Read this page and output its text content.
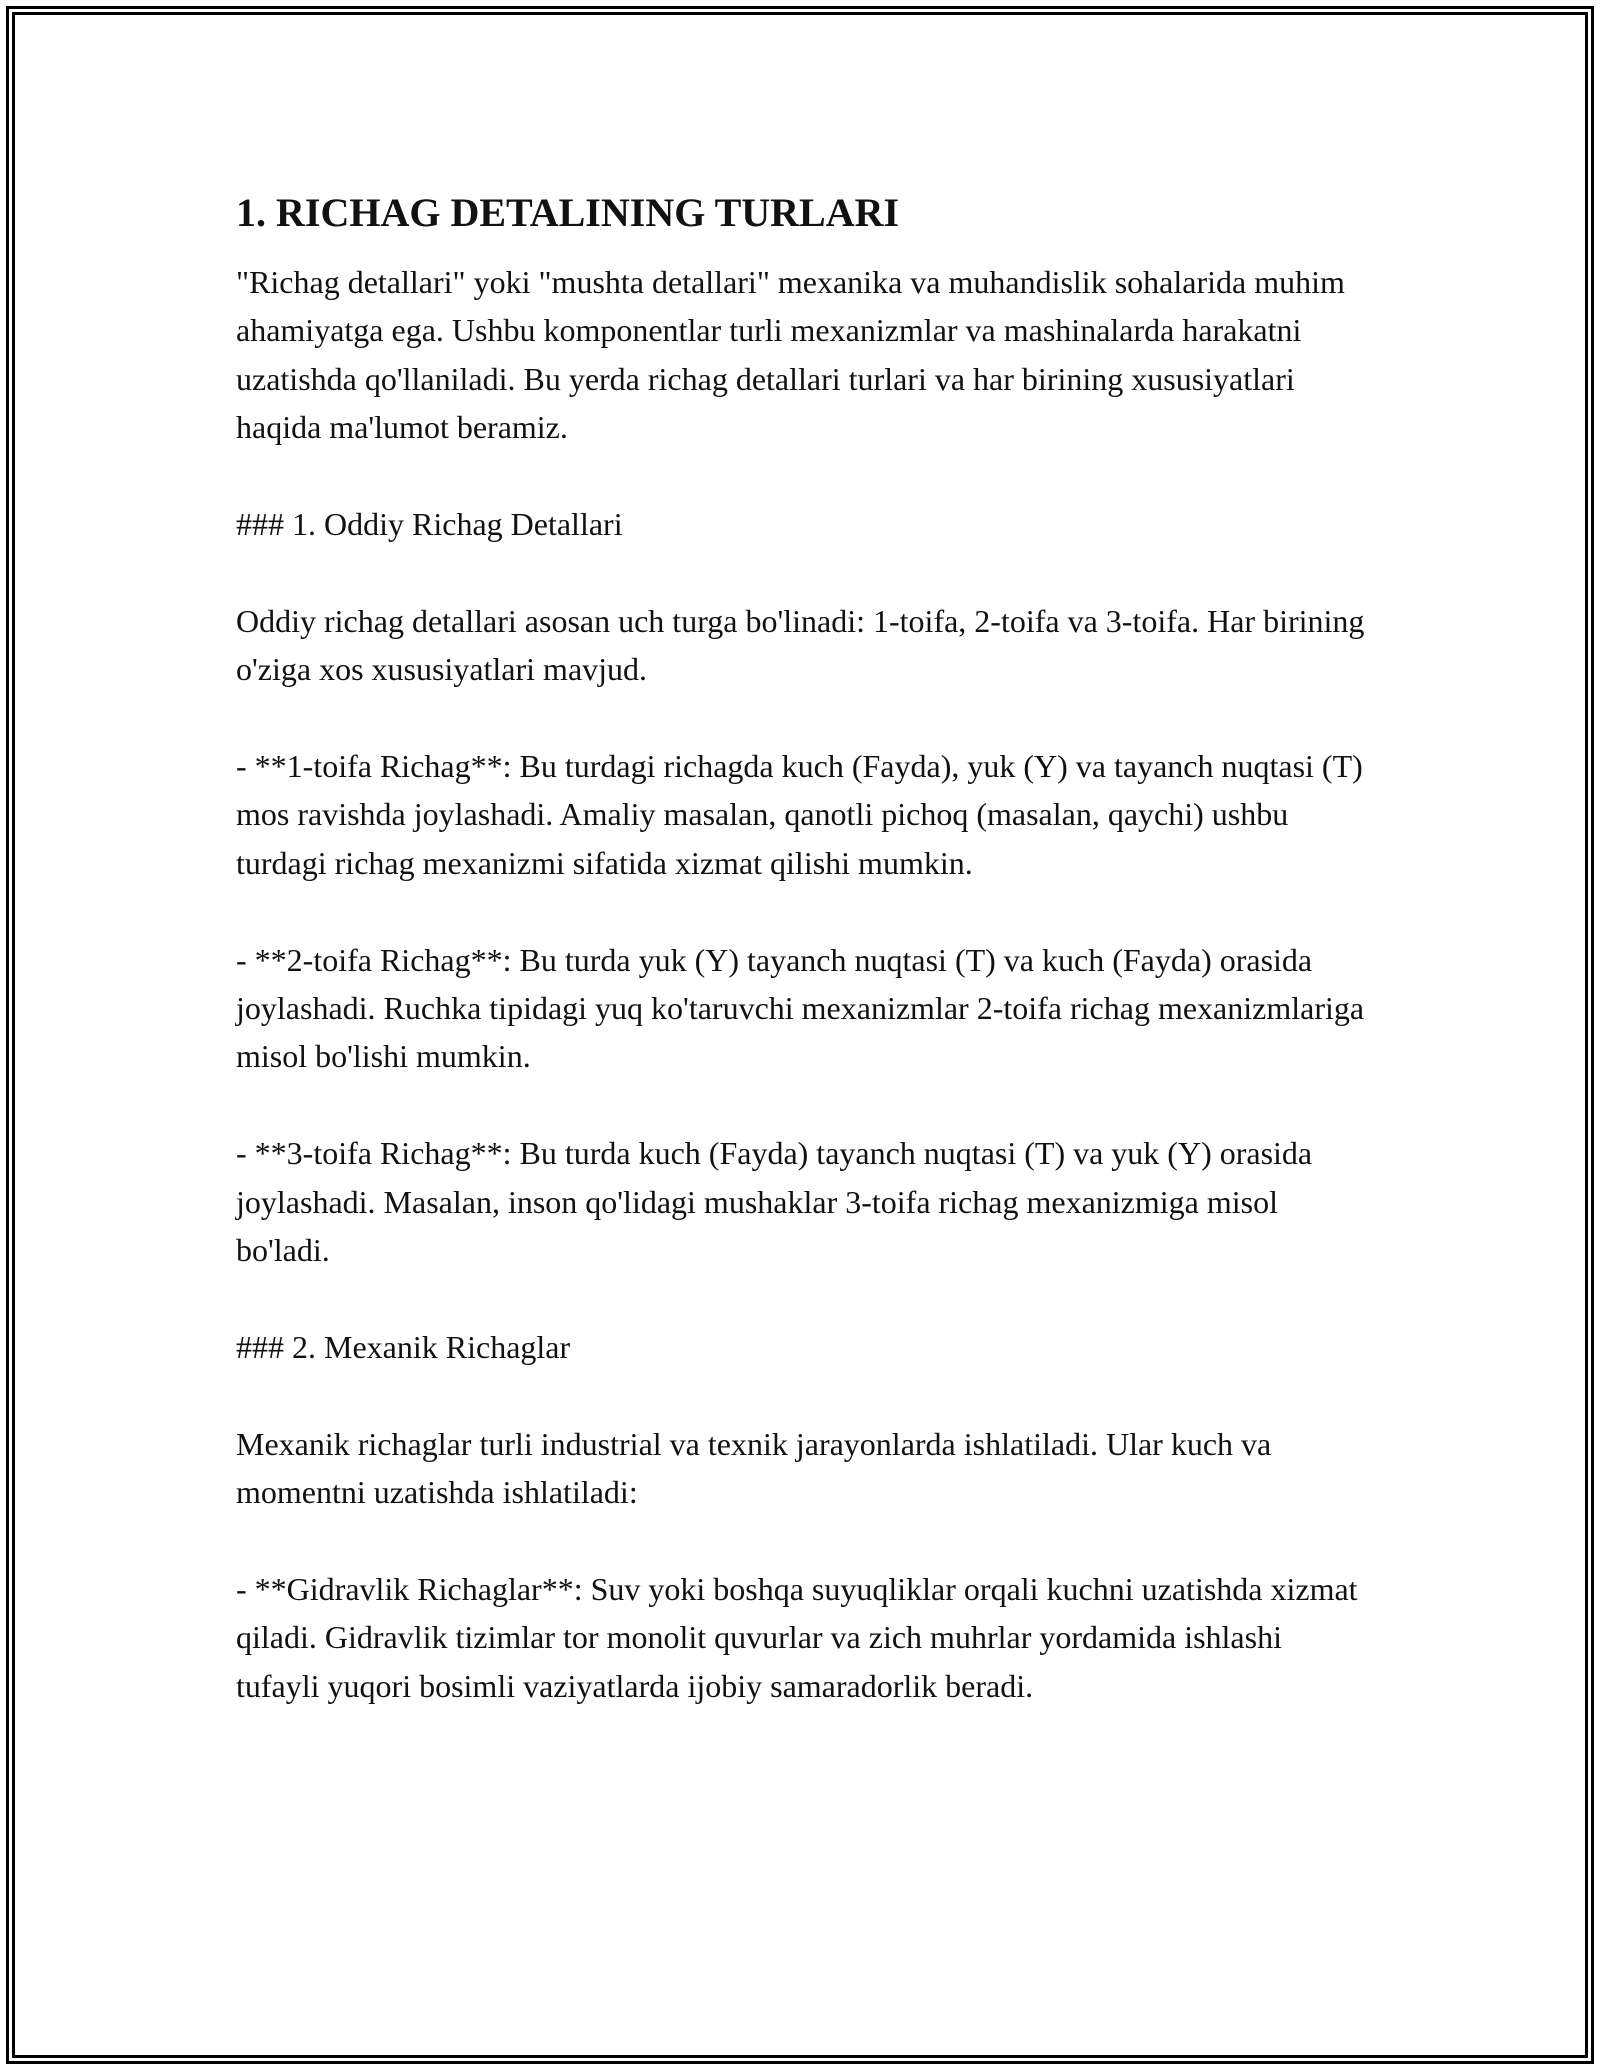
1. RICHAG DETALINING TURLARI

"Richag detallari" yoki "mushta detallari" mexanika va muhandislik sohalarida muhim ahamiyatga ega. Ushbu komponentlar turli mexanizmlar va mashinalarda harakatni uzatishda qo'llaniladi. Bu yerda richag detallari turlari va har birining xususiyatlari haqida ma'lumot beramiz.

### 1. Oddiy Richag Detallari

Oddiy richag detallari asosan uch turga bo'linadi: 1-toifa, 2-toifa va 3-toifa. Har birining o'ziga xos xususiyatlari mavjud.

- **1-toifa Richag**: Bu turdagi richagda kuch (Fayda), yuk (Y) va tayanch nuqtasi (T) mos ravishda joylashadi. Amaliy masalan, qanotli pichoq (masalan, qaychi) ushbu turdagi richag mexanizmi sifatida xizmat qilishi mumkin.

- **2-toifa Richag**: Bu turda yuk (Y) tayanch nuqtasi (T) va kuch (Fayda) orasida joylashadi. Ruchka tipidagi yuq ko'taruvchi mexanizmlar 2-toifa richag mexanizmlariga misol bo'lishi mumkin.

- **3-toifa Richag**: Bu turda kuch (Fayda) tayanch nuqtasi (T) va yuk (Y) orasida joylashadi. Masalan, inson qo'lidagi mushaklar 3-toifa richag mexanizmiga misol bo'ladi.

### 2. Mexanik Richaglar

Mexanik richaglar turli industrial va texnik jarayonlarda ishlatiladi. Ular kuch va momentni uzatishda ishlatiladi:

- **Gidravlik Richaglar**: Suv yoki boshqa suyuqliklar orqali kuchni uzatishda xizmat qiladi. Gidravlik tizimlar tor monolit quvurlar va zich muhrlar yordamida ishlashi tufayli yuqori bosimli vaziyatlarda ijobiy samaradorlik beradi.
